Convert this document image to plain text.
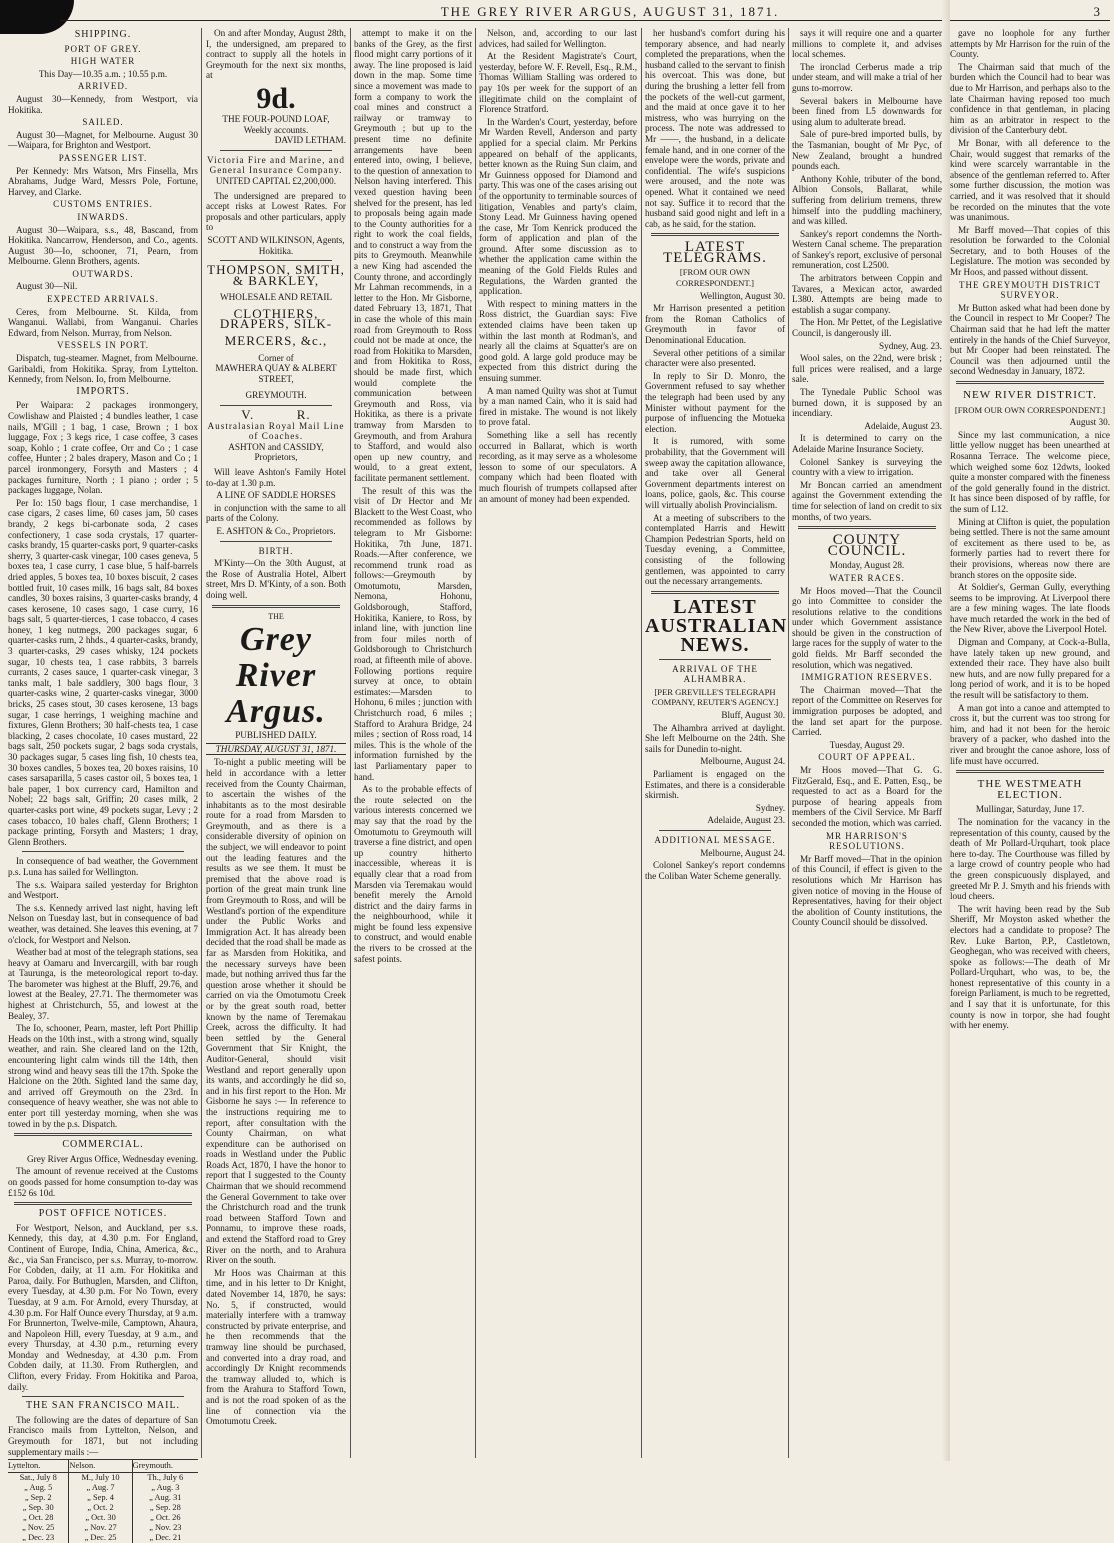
THE GREY RIVER ARGUS, AUGUST 31, 1871.	3
SHIPPING.
PORT OF GREY.
HIGH WATER

This Day—10.35 a.m. ; 10.55 p.m.

ARRIVED.

August 30—Kennedy, from Westport, via Hokitika.

SAILED.

August 30—Magnet, for Melbourne. August 30—Waipara, for Brighton and Westport.

PASSENGER LIST.

Per Kennedy: Mrs Watson, Mrs Finsella, Mrs Abrahams, Judge Ward, Messrs Pole, Fortune, Harvey, and Clarke.

CUSTOMS ENTRIES.
INWARDS.

August 30—Waipara, s.s., 48, Bascand, from Hokitika. Nancarrow, Henderson, and Co., agents. August 30—Io, schooner, 71, Pearn, from Melbourne. Glenn Brothers, agents.

OUTWARDS.

August 30—Nil.

EXPECTED ARRIVALS.

Ceres, from Melbourne. St. Kilda, from Wanganui. Wallabi, from Wanganui. Charles Edward, from Nelson. Murray, from Nelson.

VESSELS IN PORT.

Dispatch, tug-steamer. Magnet, from Melbourne. Garibaldi, from Hokitika. Spray, from Lyttelton. Kennedy, from Nelson. Io, from Melbourne.

IMPORTS.

Per Waipara: 2 packages ironmongery, Cowlishaw and Plaisted ; 4 bundles leather, 1 case nails, M'Gill ; 1 bag, 1 case, Brown ; 1 box luggage, Fox ; 3 kegs rice, 1 case coffee, 3 cases soap, Kohlo ; 1 crate coffee, Orr and Co ; 1 case coffee, Hunter ; 2 bales drapery, Mason and Co ; 1 parcel ironmongery, Forsyth and Masters ; 4 packages furniture, North ; 1 piano ; order ; 5 packages luggage, Nolan.

Per Io: 150 bags flour, 1 case merchandise, 1 case cigars, 2 cases lime, 60 cases jam, 50 cases brandy, 2 kegs bi-carbonate soda, 2 cases confectionery, 1 case soda crystals, 17 quarter-casks brandy, 15 quarter-casks port, 9 quarter-casks sherry, 3 quarter-cask vinegar, 100 cases geneva, 5 boxes tea, 1 case curry, 1 case blue, 5 half-barrels dried apples, 5 boxes tea, 10 boxes biscuit, 2 cases bottled fruit, 10 cases milk, 16 bags salt, 84 boxes candles, 30 boxes raisins, 3 quarter-casks brandy, 4 cases kerosene, 10 cases sago, 1 case curry, 16 bags salt, 5 quarter-tierces, 1 case tobacco, 4 cases honey, 1 keg nutmegs, 200 packages sugar, 6 quarter-casks rum, 2 hhds., 4 quarter-casks, brandy, 3 quarter-casks, 29 cases whisky, 124 pockets sugar, 10 chests tea, 1 case rabbits, 3 barrels currants, 2 cases sauce, 1 quarter-cask vinegar, 3 tanks malt, 1 bale saddlery, 300 bags flour, 3 quarter-casks wine, 2 quarter-casks vinegar, 3000 bricks, 25 cases stout, 30 cases kerosene, 13 bags sugar, 1 case herrings, 1 weighing machine and fixtures, Glenn Brothers; 30 half-chests tea, 1 case blacking, 2 cases chocolate, 10 cases mustard, 22 bags salt, 250 pockets sugar, 2 bags soda crystals, 30 packages sugar, 5 cases ling fish, 10 chests tea, 30 boxes candles, 5 boxes tea, 20 boxes raisins, 10 cases sarsaparilla, 5 cases castor oil, 5 boxes tea, 1 bale paper, 1 box currency card, Hamilton and Nobel; 22 bags salt, Griffin; 20 cases milk, 2 quarter-casks port wine, 49 pockets sugar, Levy ; 2 cases tobacco, 10 bales chaff, Glenn Brothers; 1 package printing, Forsyth and Masters; 1 dray, Glenn Brothers.

In consequence of bad weather, the Government p.s. Luna has sailed for Wellington.

The s.s. Waipara sailed yesterday for Brighton and Westport.

The s.s. Kennedy arrived last night, having left Nelson on Tuesday last, but in consequence of bad weather, was detained. She leaves this evening, at 7 o'clock, for Westport and Nelson.

Weather bad at most of the telegraph stations, sea heavy at Oamaru and Invercargill, with bar rough at Taurunga, is the meteorological report to-day. The barometer was highest at the Bluff, 29.76, and lowest at the Bealey, 27.71. The thermometer was highest at Christchurch, 55, and lowest at the Bealey, 37.

The Io, schooner, Pearn, master, left Port Phillip Heads on the 10th inst., with a strong wind, squally weather, and rain. She cleared land on the 12th, encountering light calm winds till the 14th, then strong wind and heavy seas till the 17th. Spoke the Halcione on the 20th. Sighted land the same day, and arrived off Greymouth on the 23rd. In consequence of heavy weather, she was not able to enter port till yesterday morning, when she was towed in by the p.s. Dispatch.

COMMERCIAL.

Grey River Argus Office, Wednesday evening.

The amount of revenue received at the Customs on goods passed for home consumption to-day was £152 6s 10d.

POST OFFICE NOTICES.

For Westport, Nelson, and Auckland, per s.s. Kennedy, this day, at 4.30 p.m. For England, Continent of Europe, India, China, America, &c., &c., via San Francisco, per s.s. Murray, to-morrow. For Cobden, daily, at 11 a.m. For Hokitika and Paroa, daily. For Buthuglen, Marsden, and Clifton, every Tuesday, at 4.30 p.m. For No Town, every Tuesday, at 9 a.m. For Arnold, every Thursday, at 4.30 p.m. For Half Ounce every Thursday, at 9 a.m. For Brunnerton, Twelve-mile, Camptown, Ahaura, and Napoleon Hill, every Tuesday, at 9 a.m., and every Thursday, at 4.30 p.m., returning every Monday and Wednesday, at 4.30 p.m. From Cobden daily, at 11.30. From Rutherglen, and Clifton, every Friday. From Hokitika and Paroa, daily.

THE SAN FRANCISCO MAIL.

The following are the dates of departure of San Francisco mails from Lyttelton, Nelson, and Greymouth for 1871, but not including supplementary mails :—

Lyttelton.	Nelson.	Greymouth.
Sat., July 8	M., July 10	Th., July 6
„ Aug. 5	„ Aug. 7	„ Aug. 3
„ Sep. 2	„ Sep. 4	„ Aug. 31
„ Sep. 30	„ Oct. 2	„ Sep. 28
„ Oct. 28	„ Oct. 30	„ Oct. 26
„ Nov. 25	„ Nov. 27	„ Nov. 23
„ Dec. 23	„ Dec. 25	„ Dec. 21

On and after Monday, August 28th, I, the undersigned, am prepared to contract to supply all the hotels in Greymouth for the next six months, at

9d.
THE FOUR-POUND LOAF,
Weekly accounts.
DAVID LETHAM.
Victoria Fire and Marine, and General Insurance Company.
UNITED CAPITAL £2,200,000.

The undersigned are prepared to accept risks at Lowest Rates. For proposals and other particulars, apply to

SCOTT AND WILKINSON, Agents, Hokitika.

THOMPSON, SMITH, & BARKLEY,
WHOLESALE AND RETAIL
CLOTHIERS, DRAPERS, SILK-
MERCERS, &c.,
Corner of
MAWHERA QUAY & ALBERT STREET,
GREYMOUTH.
V.          R.
Australasian Royal Mail Line of Coaches.
ASHTON and CASSIDY, Proprietors,

Will leave Ashton's Family Hotel to-day at 1.30 p.m.

A LINE OF SADDLE HORSES

in conjunction with the same to all parts of the Colony.

E. ASHTON & Co., Proprietors.

BIRTH.

M'Kinty—On the 30th August, at the Rose of Australia Hotel, Albert street, Mrs D. M'Kinty, of a son. Both doing well.

THE
Grey River Argus.
PUBLISHED DAILY.
THURSDAY, AUGUST 31, 1871.

To-night a public meeting will be held in accordance with a letter received from the County Chairman, to ascertain the wishes of the inhabitants as to the most desirable route for a road from Marsden to Greymouth, and as there is a considerable diversity of opinion on the subject, we will endeavor to point out the leading features and the results as we see them. It must be premised that the above road is portion of the great main trunk line from Greymouth to Ross, and will be Westland's portion of the expenditure under the Public Works and Immigration Act. It has already been decided that the road shall be made as far as Marsden from Hokitika, and the necessary surveys have been made, but nothing arrived thus far the question arose whether it should be carried on via the Omotumotu Creek or by the great south road, better known by the name of Teremakau Creek, across the difficulty. It had been settled by the General Government that Sir Knight, the Auditor-General, should visit Westland and report generally upon its wants, and accordingly he did so, and in his first report to the Hon. Mr Gisborne he says :— In reference to the instructions requiring me to report, after consultation with the County Chairman, on what expenditure can be authorised on roads in Westland under the Public Roads Act, 1870, I have the honor to report that I suggested to the County Chairman that we should recommend the General Government to take over the Christchurch road and the trunk road between Stafford Town and Ponnamu, to improve these roads, and extend the Stafford road to Grey River on the north, and to Arahura River on the south.

Mr Hoos was Chairman at this time, and in his letter to Dr Knight, dated November 14, 1870, he says: No. 5, if constructed, would materially interfere with a tramway constructed by private enterprise, and he then recommends that the tramway line should be purchased, and converted into a dray road, and accordingly Dr Knight recommends the tramway alluded to, which is from the Arahura to Stafford Town, and is not the road spoken of as the line of connection via the Omotumotu Creek.

attempt to make it on the banks of the Grey, as the first flood might carry portions of it away. The line proposed is laid down in the map. Some time since a movement was made to form a company to work the coal mines and construct a railway or tramway to Greymouth ; but up to the present time no definite arrangements have been entered into, owing, I believe, to the question of annexation to Nelson having interfered. This vexed question having been shelved for the present, has led to proposals being again made to the County authorities for a right to work the coal fields, and to construct a way from the pits to Greymouth. Meanwhile a new King had ascended the County throne, and accordingly Mr Lahman recommends, in a letter to the Hon. Mr Gisborne, dated February 13, 1871, That in case the whole of this main road from Greymouth to Ross could not be made at once, the road from Hokitika to Marsden, and from Hokitika to Ross, should be made first, which would complete the communication between Greymouth and Ross, via Hokitika, as there is a private tramway from Marsden to Greymouth, and from Arahura to Stafford, and would also open up new country, and would, to a great extent, facilitate permanent settlement.

The result of this was the visit of Dr Hector and Mr Blackett to the West Coast, who recommended as follows by telegram to Mr Gisborne: Hokitika, 7th June, 1871. Roads.—After conference, we recommend trunk road as follows:—Greymouth by Omotumotu, Marsden, Nemona, Hohonu, Goldsborough, Stafford, Hokitika, Kaniere, to Ross, by inland line, with junction line from four miles north of Goldsborough to Christchurch road, at fifteenth mile of above. Following portions require survey at once, to obtain estimates:—Marsden to Hohonu, 6 miles ; junction with Christchurch road, 6 miles ; Stafford to Arahura Bridge, 24 miles ; section of Ross road, 14 miles. This is the whole of the information furnished by the last Parliamentary paper to hand.

As to the probable effects of the route selected on the various interests concerned we may say that the road by the Omotumotu to Greymouth will traverse a fine district, and open up country hitherto inaccessible, whereas it is equally clear that a road from Marsden via Teremakau would benefit merely the Arnold district and the dairy farms in the neighbourhood, while it might be found less expensive to construct, and would enable the rivers to be crossed at the safest points.

Nelson, and, according to our last advices, had sailed for Wellington.

At the Resident Magistrate's Court, yesterday, before W. F. Revell, Esq., R.M., Thomas William Stalling was ordered to pay 10s per week for the support of an illegitimate child on the complaint of Florence Stratford.

In the Warden's Court, yesterday, before Mr Warden Revell, Anderson and party applied for a special claim. Mr Perkins appeared on behalf of the applicants, better known as the Ruing Sun claim, and Mr Guinness opposed for Diamond and party. This was one of the cases arising out of the opportunity to terminable sources of litigation, Venables and party's claim, Stony Lead. Mr Guinness having opened the case, Mr Tom Kenrick produced the form of application and plan of the ground. After some discussion as to whether the application came within the meaning of the Gold Fields Rules and Regulations, the Warden granted the application.

With respect to mining matters in the Ross district, the Guardian says: Five extended claims have been taken up within the last month at Rodman's, and nearly all the claims at Squatter's are on good gold. A large gold produce may be expected from this district during the ensuing summer.

A man named Quilty was shot at Tumut by a man named Cain, who it is said had fired in mistake. The wound is not likely to prove fatal.

Something like a sell has recently occurred in Ballarat, which is worth recording, as it may serve as a wholesome lesson to some of our speculators. A company which had been floated with much flourish of trumpets collapsed after an amount of money had been expended.

her husband's comfort during his temporary absence, and had nearly completed the preparations, when the husband called to the servant to finish his overcoat. This was done, but during the brushing a letter fell from the pockets of the well-cut garment, and the maid at once gave it to her mistress, who was hurrying on the process. The note was addressed to Mr ——, the husband, in a delicate female hand, and in one corner of the envelope were the words, private and confidential. The wife's suspicions were aroused, and the note was opened. What it contained we need not say. Suffice it to record that the husband said good night and left in a cab, as he said, for the station.

LATEST TELEGRAMS.

[FROM OUR OWN CORRESPONDENT.]

Wellington, August 30.

Mr Harrison presented a petition from the Roman Catholics of Greymouth in favor of Denominational Education.

Several other petitions of a similar character were also presented.

In reply to Sir D. Monro, the Government refused to say whether the telegraph had been used by any Minister without payment for the purpose of influencing the Motueka election.

It is rumored, with some probability, that the Government will sweep away the capitation allowance, and take over all General Government departments interest on loans, police, gaols, &c. This course will virtually abolish Provincialism.

At a meeting of subscribers to the contemplated Harris and Hewitt Champion Pedestrian Sports, held on Tuesday evening, a Committee, consisting of the following gentlemen, was appointed to carry out the necessary arrangements.

LATEST AUSTRALIAN NEWS.
ARRIVAL OF THE ALHAMBRA.

[PER GREVILLE'S TELEGRAPH COMPANY, REUTER'S AGENCY.]

Bluff, August 30.

The Alhambra arrived at daylight. She left Melbourne on the 24th. She sails for Dunedin to-night.

Melbourne, August 24.

Parliament is engaged on the Estimates, and there is a considerable skirmish.

Sydney.

Adelaide, August 23.

ADDITIONAL MESSAGE.

Melbourne, August 24.

Colonel Sankey's report condemns the Coliban Water Scheme generally.

says it will require one and a quarter millions to complete it, and advises local schemes.

The ironclad Cerberus made a trip under steam, and will make a trial of her guns to-morrow.

Several bakers in Melbourne have been fined from L5 downwards for using alum to adulterate bread.

Sale of pure-bred imported bulls, by the Tasmanian, bought of Mr Pyc, of New Zealand, brought a hundred pounds each.

Anthony Kohle, tributer of the bond, Albion Consols, Ballarat, while suffering from delirium tremens, threw himself into the puddling machinery, and was killed.

Sankey's report condemns the North-Western Canal scheme. The preparation of Sankey's report, exclusive of personal remuneration, cost L2500.

The arbitrators between Coppin and Tavares, a Mexican actor, awarded L380. Attempts are being made to establish a sugar company.

The Hon. Mr Pettet, of the Legislative Council, is dangerously ill.

Sydney, Aug. 23.

Wool sales, on the 22nd, were brisk ; full prices were realised, and a large sale.

The Tynedale Public School was burned down, it is supposed by an incendiary.

Adelaide, August 23.

It is determined to carry on the Adelaide Marine Insurance Society.

Colonel Sankey is surveying the country with a view to irrigation.

Mr Boncan carried an amendment against the Government extending the time for selection of land on credit to six months, of two years.

COUNTY COUNCIL.

Monday, August 28.

WATER RACES.

Mr Hoos moved—That the Council go into Committee to consider the resolutions relative to the conditions under which Government assistance should be given in the construction of large races for the supply of water to the gold fields. Mr Barff seconded the resolution, which was negatived.

IMMIGRATION RESERVES.

The Chairman moved—That the report of the Committee on Reserves for immigration purposes be adopted, and the land set apart for the purpose. Carried.

Tuesday, August 29.

COURT OF APPEAL.

Mr Hoos moved—That G. G. FitzGerald, Esq., and E. Patten, Esq., be requested to act as a Board for the purpose of hearing appeals from members of the Civil Service. Mr Barff seconded the motion, which was carried.

MR HARRISON'S RESOLUTIONS.

Mr Barff moved—That in the opinion of this Council, if effect is given to the resolutions which Mr Harrison has given notice of moving in the House of Representatives, having for their object the abolition of County institutions, the County Council should be dissolved.

gave no loophole for any further attempts by Mr Harrison for the ruin of the County.

The Chairman said that much of the burden which the Council had to bear was due to Mr Harrison, and perhaps also to the late Chairman having reposed too much confidence in that gentleman, in placing him as an arbitrator in respect to the division of the Canterbury debt.

Mr Bonar, with all deference to the Chair, would suggest that remarks of the kind were scarcely warrantable in the absence of the gentleman referred to. After some further discussion, the motion was carried, and it was resolved that it should be recorded on the minutes that the vote was unanimous.

Mr Barff moved—That copies of this resolution be forwarded to the Colonial Secretary, and to both Houses of the Legislature. The motion was seconded by Mr Hoos, and passed without dissent.

THE GREYMOUTH DISTRICT SURVEYOR.

Mr Button asked what had been done by the Council in respect to Mr Cooper? The Chairman said that he had left the matter entirely in the hands of the Chief Surveyor, but Mr Cooper had been reinstated. The Council was then adjourned until the second Wednesday in January, 1872.

NEW RIVER DISTRICT.

[FROM OUR OWN CORRESPONDENT.]

August 30.

Since my last communication, a nice little yellow nugget has been unearthed at Rosanna Terrace. The welcome piece, which weighed some 6oz 12dwts, looked quite a monster compared with the fineness of the gold generally found in the district. It has since been disposed of by raffle, for the sum of L12.

Mining at Clifton is quiet, the population being settled. There is not the same amount of excitement as there used to be, as formerly parties had to revert there for their provisions, whereas now there are branch stores on the opposite side.

At Soldier's, German Gully, everything seems to be improving. At Liverpool there are a few mining wages. The late floods have much retarded the work in the bed of the New River, above the Liverpool Hotel.

Digman and Company, at Cock-a-Bulla, have lately taken up new ground, and extended their race. They have also built new huts, and are now fully prepared for a long period of work, and it is to be hoped the result will be satisfactory to them.

A man got into a canoe and attempted to cross it, but the current was too strong for him, and had it not been for the heroic bravery of a packer, who dashed into the river and brought the canoe ashore, loss of life must have occurred.

THE WESTMEATH ELECTION.

Mullingar, Saturday, June 17.

The nomination for the vacancy in the representation of this county, caused by the death of Mr Pollard-Urquhart, took place here to-day. The Courthouse was filled by a large crowd of country people who had the green conspicuously displayed, and greeted Mr P. J. Smyth and his friends with loud cheers.

The writ having been read by the Sub Sheriff, Mr Moyston asked whether the electors had a candidate to propose? The Rev. Luke Barton, P.P., Castletown, Geoghegan, who was received with cheers, spoke as follows:—The death of Mr Pollard-Urquhart, who was, to be, the honest representative of this county in a foreign Parliament, is much to be regretted, and I say that it is unfortunate, for this county is now in torpor, she had fought with her enemy.
